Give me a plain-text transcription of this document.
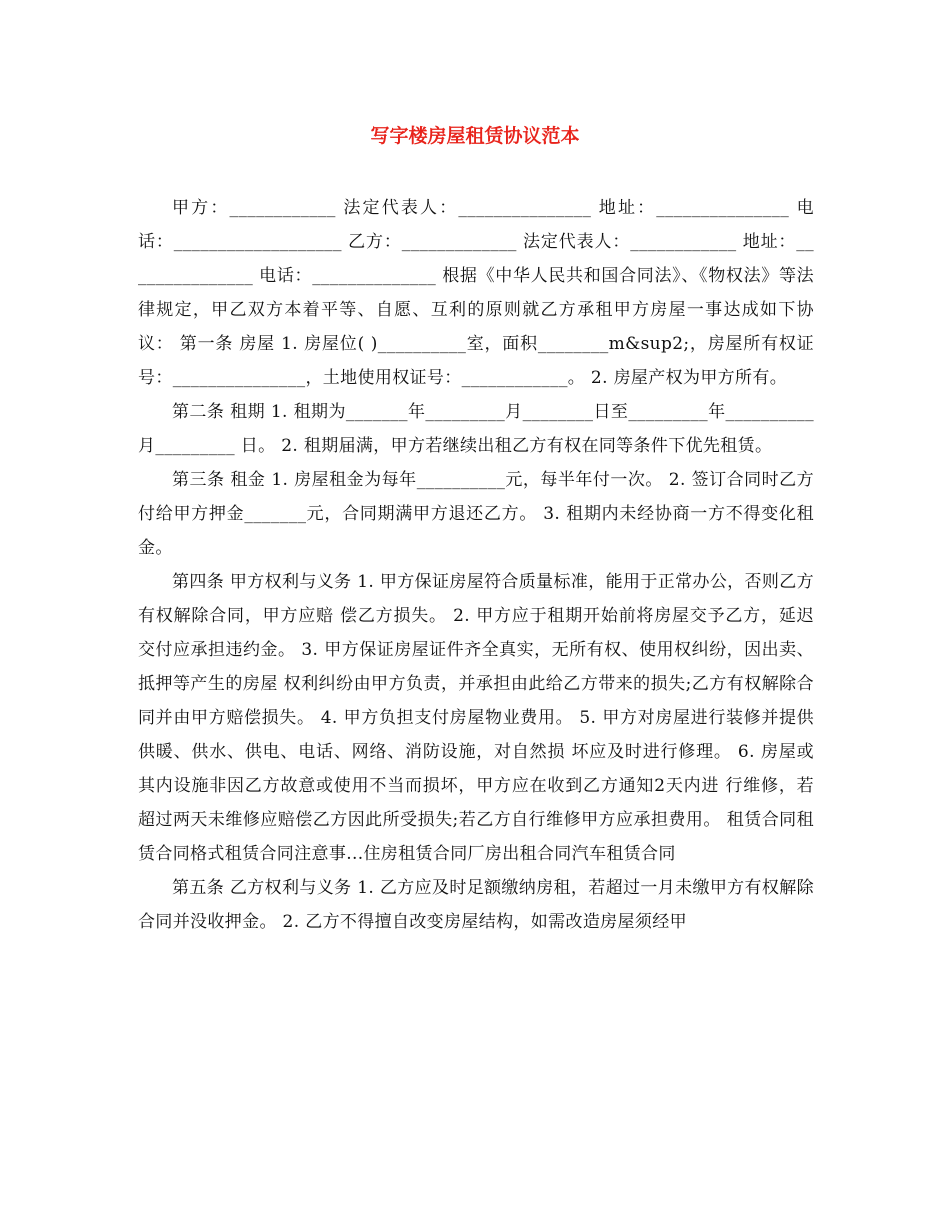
写字楼房屋租赁协议范本

甲方：____________ 法定代表人：_______________ 地址：_______________ 电话：___________________ 乙方：_____________ 法定代表人：____________ 地址：_______________ 电话：______________ 根据《中华人民共和国合同法》、《物权法》等法律规定，甲乙双方本着平等、自愿、互利的原则就乙方承租甲方房屋一事达成如下协议： 第一条 房屋 1. 房屋位( )__________室，面积________m&sup2;，房屋所有权证 号：_______________，土地使用权证号：____________。 2. 房屋产权为甲方所有。

第二条 租期 1. 租期为_______年_________月________日至_________年__________月_________ 日。 2. 租期届满，甲方若继续出租乙方有权在同等条件下优先租赁。

第三条 租金 1. 房屋租金为每年__________元，每半年付一次。 2. 签订合同时乙方付给甲方押金_______元，合同期满甲方退还乙方。 3. 租期内未经协商一方不得变化租金。

第四条 甲方权利与义务 1. 甲方保证房屋符合质量标准，能用于正常办公，否则乙方有权解除合同，甲方应赔 偿乙方损失。 2. 甲方应于租期开始前将房屋交予乙方，延迟交付应承担违约金。 3. 甲方保证房屋证件齐全真实，无所有权、使用权纠纷，因出卖、抵押等产生的房屋 权利纠纷由甲方负责，并承担由此给乙方带来的损失;乙方有权解除合同并由甲方赔偿损失。 4. 甲方负担支付房屋物业费用。 5. 甲方对房屋进行装修并提供供暖、供水、供电、电话、网络、消防设施，对自然损 坏应及时进行修理。 6. 房屋或其内设施非因乙方故意或使用不当而损坏，甲方应在收到乙方通知2天内进 行维修，若超过两天未维修应赔偿乙方因此所受损失;若乙方自行维修甲方应承担费用。 租赁合同租赁合同格式租赁合同注意事...住房租赁合同厂房出租合同汽车租赁合同

第五条 乙方权利与义务 1. 乙方应及时足额缴纳房租，若超过一月未缴甲方有权解除合同并没收押金。 2. 乙方不得擅自改变房屋结构，如需改造房屋须经甲
